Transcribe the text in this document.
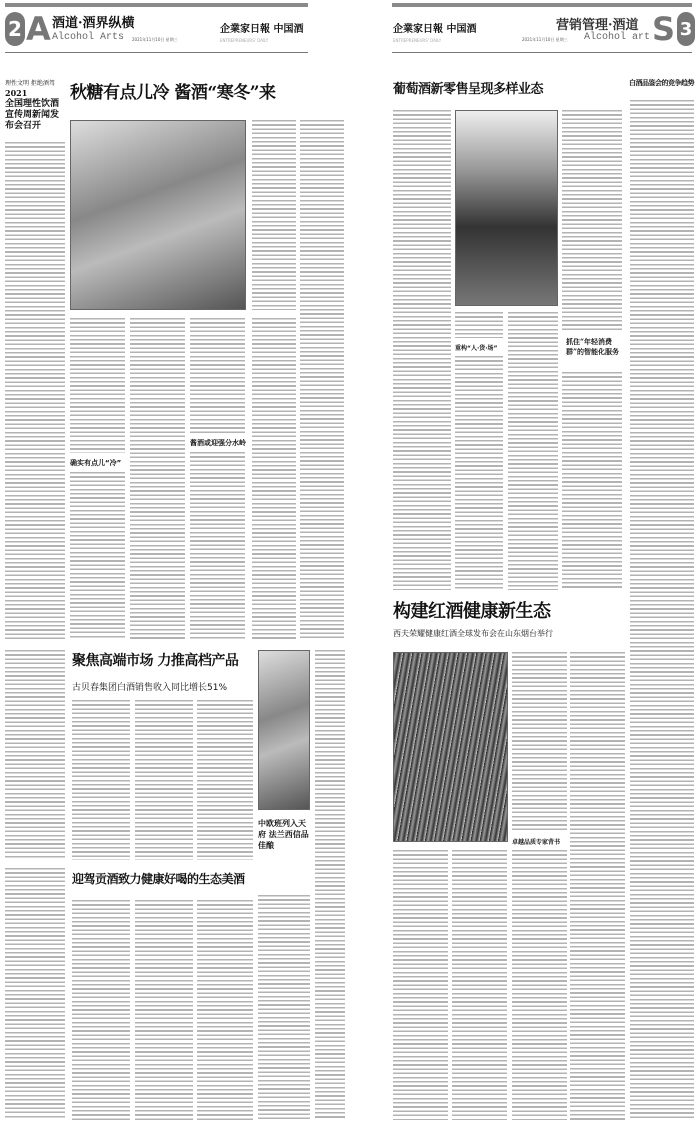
2 A 酒道·酒界纵横
Alcohol Arts 2021年11月10日 星期三
企業家日報 中国酒
ENTREPRENEURS' DAILY
理性文明 拒绝酒驾
2021
全国理性饮酒宣传周新闻发布会召开
秋糖有点儿冷 酱酒“寒冬”来
确实有点儿“冷”
酱酒或迎强分水岭
聚焦高端市场 力推高档产品
古贝春集团白酒销售收入同比增长51%
中欧班列入天府 法兰西信品佳酿
迎驾贡酒致力健康好喝的生态美酒
企業家日報 中国酒
ENTREPRENEURS' DAILY	2021年11月10日 星期三
营销管理·酒道
Alcohol art S 3
葡萄酒新零售呈现多样业态
重构“人·货·场”
抓住“年轻消费群”的智能化服务
白酒品鉴会的竞争趋势
构建红酒健康新生态
西夫荣耀健康红酒全球发布会在山东烟台举行
卓越品质专家背书
